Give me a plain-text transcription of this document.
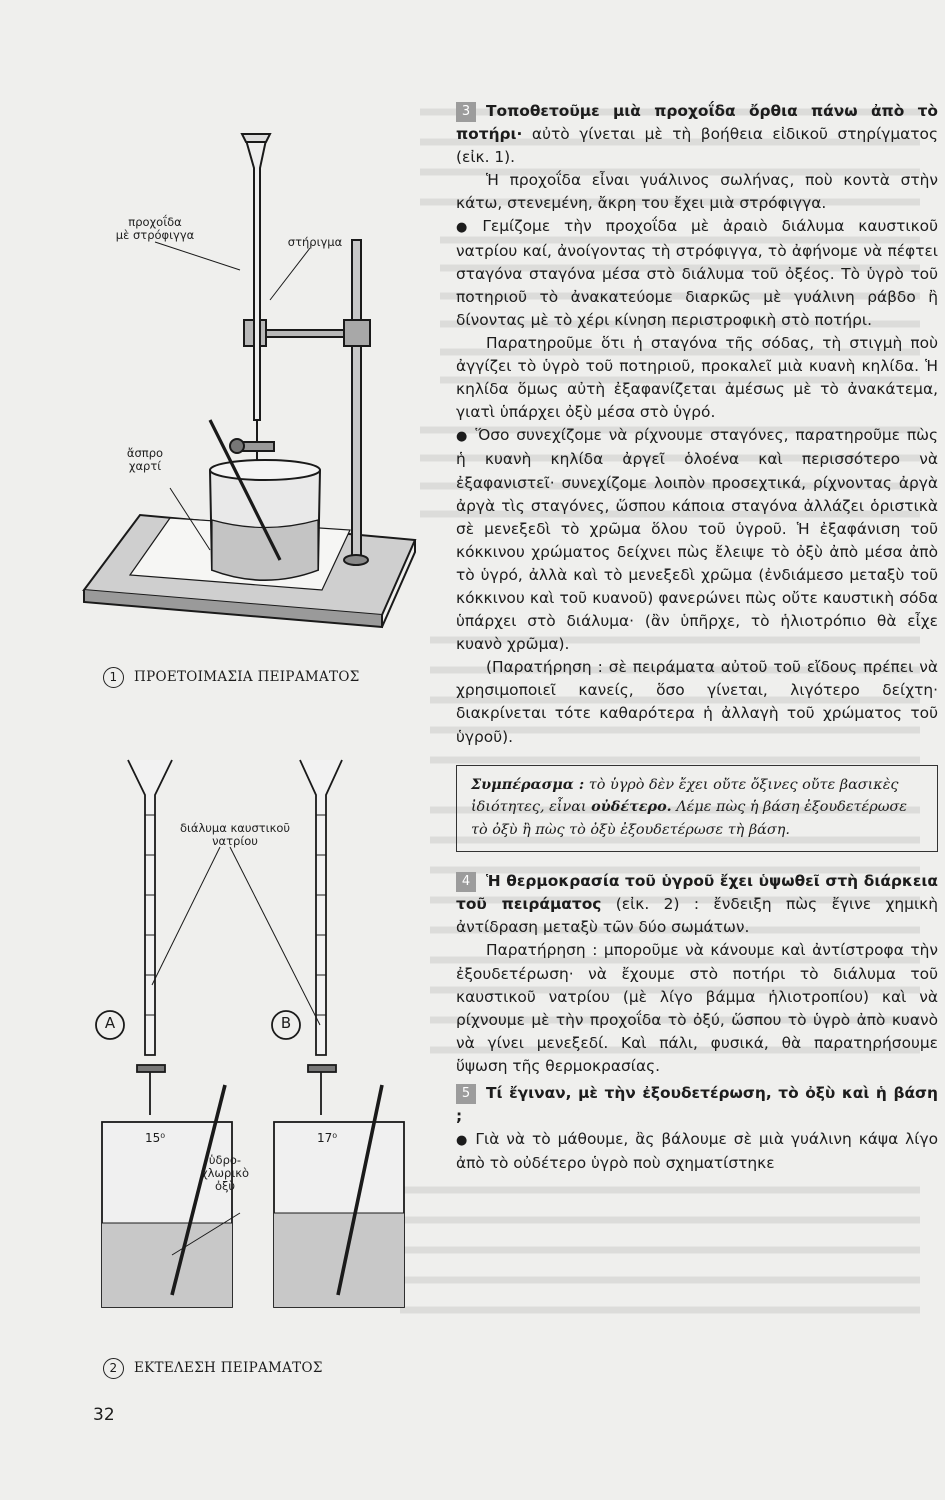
προχοΐδα
μὲ στρόφιγγα	στήριγμα
ἄσπρο
χαρτί
1 ΠΡΟΕΤΟΙΜΑΣΙΑ ΠΕΙΡΑΜΑΤΟΣ
διάλυμα καυστικοῦ
νατρίου
ὑδρο-
χλωρικὸ
ὀξὺ
15⁰	17⁰
A	B
2 ΕΚΤΕΛΕΣΗ ΠΕΙΡΑΜΑΤΟΣ
32

3 Τοποθετοῦμε μιὰ προχοΐδα ὄρθια πάνω ἀπὸ τὸ ποτήρι· αὐτὸ γίνεται μὲ τὴ βοήθεια εἰδικοῦ στηρίγματος (εἰκ. 1).

Ἡ προχοΐδα εἶναι γυάλινος σωλήνας, ποὺ κοντὰ στὴν κάτω, στενεμένη, ἄκρη του ἔχει μιὰ στρόφιγγα.

● Γεμίζομε τὴν προχοΐδα μὲ ἀραιὸ διάλυμα καυστικοῦ νατρίου καί, ἀνοίγοντας τὴ στρόφιγγα, τὸ ἀφήνομε νὰ πέφτει σταγόνα σταγόνα μέσα στὸ διάλυμα τοῦ ὀξέος. Τὸ ὑγρὸ τοῦ ποτηριοῦ τὸ ἀνακατεύομε διαρκῶς μὲ γυάλινη ράβδο ἢ δίνοντας μὲ τὸ χέρι κίνηση περιστροφικὴ στὸ ποτήρι.

Παρατηροῦμε ὅτι ἡ σταγόνα τῆς σόδας, τὴ στιγμὴ ποὺ ἀγγίζει τὸ ὑγρὸ τοῦ ποτηριοῦ, προκαλεῖ μιὰ κυανὴ κηλίδα. Ἡ κηλίδα ὅμως αὐτὴ ἐξαφανίζεται ἀμέσως μὲ τὸ ἀνακάτεμα, γιατὶ ὑπάρχει ὀξὺ μέσα στὸ ὑγρό.

● Ὅσο συνεχίζομε νὰ ρίχνουμε σταγόνες, παρατηροῦμε πὼς ἡ κυανὴ κηλίδα ἀργεῖ ὁλοένα καὶ περισσότερο νὰ ἐξαφανιστεῖ· συνεχίζομε λοιπὸν προσεχτικά, ρίχνοντας ἀργὰ ἀργὰ τὶς σταγόνες, ὥσπου κάποια σταγόνα ἀλλάζει ὁριστικὰ σὲ μενεξεδὶ τὸ χρῶμα ὅλου τοῦ ὑγροῦ. Ἡ ἐξαφάνιση τοῦ κόκκινου χρώματος δείχνει πὼς ἔλειψε τὸ ὀξὺ ἀπὸ μέσα ἀπὸ τὸ ὑγρό, ἀλλὰ καὶ τὸ μενεξεδὶ χρῶμα (ἐνδιάμεσο μεταξὺ τοῦ κόκκινου καὶ τοῦ κυανοῦ) φανερώνει πὼς οὔτε καυστικὴ σόδα ὑπάρχει στὸ διάλυμα· (ἂν ὑπῆρχε, τὸ ἡλιοτρόπιο θὰ εἶχε κυανὸ χρῶμα).

(Παρατήρηση : σὲ πειράματα αὐτοῦ τοῦ εἴδους πρέπει νὰ χρησιμοποιεῖ κανείς, ὅσο γίνεται, λιγότερο δείχτη· διακρίνεται τότε καθαρότερα ἡ ἀλλαγὴ τοῦ χρώματος τοῦ ὑγροῦ).

Συμπέρασμα : τὸ ὑγρὸ δὲν ἔχει οὔτε ὄξινες οὔτε βασικὲς ἰδιότητες, εἶναι οὐδέτερο. Λέμε πὼς ἡ βάση ἐξουδετέρωσε τὸ ὀξὺ ἢ πὼς τὸ ὀξὺ ἐξουδετέρωσε τὴ βάση.

4 Ἡ θερμοκρασία τοῦ ὑγροῦ ἔχει ὑψωθεῖ στὴ διάρκεια τοῦ πειράματος (εἰκ. 2) : ἔνδειξη πὼς ἔγινε χημικὴ ἀντίδραση μεταξὺ τῶν δύο σωμάτων.

Παρατήρηση : μποροῦμε νὰ κάνουμε καὶ ἀντίστροφα τὴν ἐξουδετέρωση· νὰ ἔχουμε στὸ ποτήρι τὸ διάλυμα τοῦ καυστικοῦ νατρίου (μὲ λίγο βάμμα ἡλιοτροπίου) καὶ νὰ ρίχνουμε μὲ τὴν προχοΐδα τὸ ὀξύ, ὥσπου τὸ ὑγρὸ ἀπὸ κυανὸ νὰ γίνει μενεξεδί. Καὶ πάλι, φυσικά, θὰ παρατηρήσουμε ὕψωση τῆς θερμοκρασίας.

5 Τί ἔγιναν, μὲ τὴν ἐξουδετέρωση, τὸ ὀξὺ καὶ ἡ βάση ;

● Γιὰ νὰ τὸ μάθουμε, ἂς βάλουμε σὲ μιὰ γυάλινη κάψα λίγο ἀπὸ τὸ οὐδέτερο ὑγρὸ ποὺ σχηματίστηκε
